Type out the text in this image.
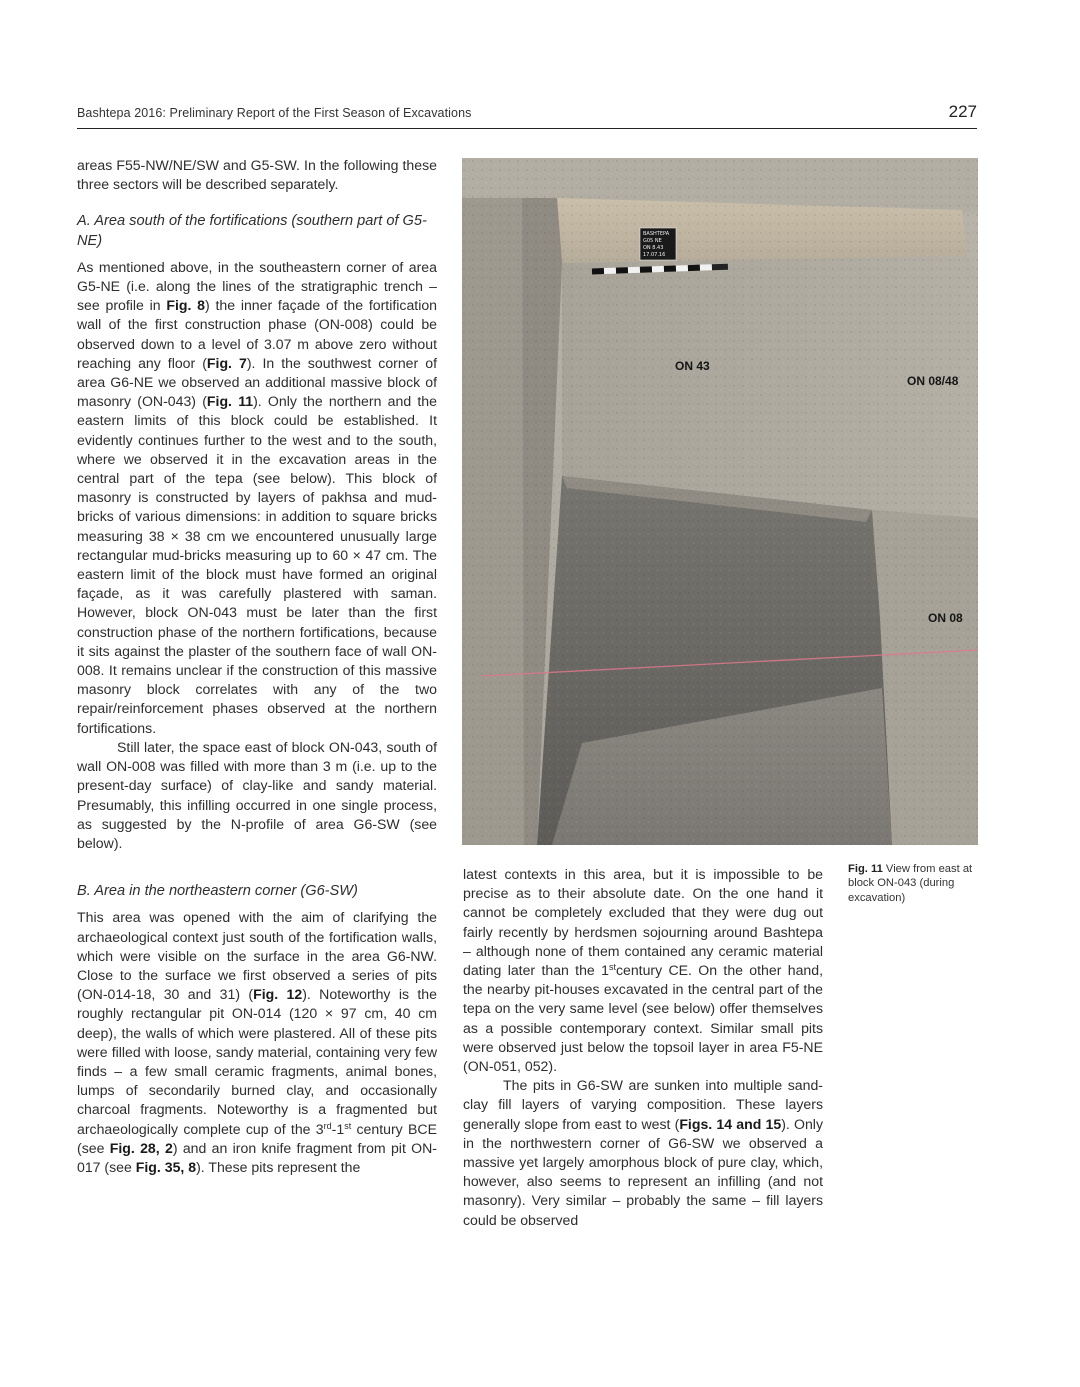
Bashtepa 2016: Preliminary Report of the First Season of Excavations	227

areas F55-NW/NE/SW and G5-SW. In the following these three sectors will be described separately.

A. Area south of the fortifications (southern part of G5-NE)

As mentioned above, in the southeastern corner of area G5-NE (i.e. along the lines of the stratigraphic trench – see profile in Fig. 8) the inner façade of the fortification wall of the first construction phase (ON-008) could be observed down to a level of 3.07 m above zero without reaching any floor (Fig. 7). In the southwest corner of area G6-NE we observed an additional massive block of masonry (ON-043) (Fig. 11). Only the northern and the eastern limits of this block could be established. It evidently continues further to the west and to the south, where we observed it in the excavation areas in the central part of the tepa (see below). This block of masonry is constructed by layers of pakhsa and mud-bricks of various dimensions: in addition to square bricks measuring 38 × 38 cm we encountered unusually large rectangular mud-bricks measuring up to 60 × 47 cm. The eastern limit of the block must have formed an original façade, as it was carefully plastered with saman. However, block ON-043 must be later than the first construction phase of the northern fortifications, because it sits against the plaster of the southern face of wall ON-008. It remains unclear if the construction of this massive masonry block correlates with any of the two repair/reinforcement phases observed at the northern fortifications.

Still later, the space east of block ON-043, south of wall ON-008 was filled with more than 3 m (i.e. up to the present-day surface) of clay-like and sandy material. Presumably, this infilling occurred in one single process, as suggested by the N-profile of area G6-SW (see below).

B. Area in the northeastern corner (G6-SW)

This area was opened with the aim of clarifying the archaeological context just south of the fortification walls, which were visible on the surface in the area G6-NW. Close to the surface we first observed a series of pits (ON-014-18, 30 and 31) (Fig. 12). Noteworthy is the roughly rectangular pit ON-014 (120 × 97 cm, 40 cm deep), the walls of which were plastered. All of these pits were filled with loose, sandy material, containing very few finds – a few small ceramic fragments, animal bones, lumps of secondarily burned clay, and occasionally charcoal fragments. Noteworthy is a fragmented but archaeologically complete cup of the 3rd-1st century BCE (see Fig. 28, 2) and an iron knife fragment from pit ON-017 (see Fig. 35, 8). These pits represent the

BASHTEPA
G05 NE
ON 8.43
17.07.16
ON 43
ON 08/48
ON 08
Fig. 11 View from east at block ON-043 (during excavation)

latest contexts in this area, but it is impossible to be precise as to their absolute date. On the one hand it cannot be completely excluded that they were dug out fairly recently by herdsmen sojourning around Bashtepa – although none of them contained any ceramic material dating later than the 1stcentury CE. On the other hand, the nearby pit-houses excavated in the central part of the tepa on the very same level (see below) offer themselves as a possible contemporary context. Similar small pits were observed just below the topsoil layer in area F5-NE (ON-051, 052).

The pits in G6-SW are sunken into multiple sand-clay fill layers of varying composition. These layers generally slope from east to west (Figs. 14 and 15). Only in the northwestern corner of G6-SW we observed a massive yet largely amorphous block of pure clay, which, however, also seems to represent an infilling (and not masonry). Very similar – probably the same – fill layers could be observed
